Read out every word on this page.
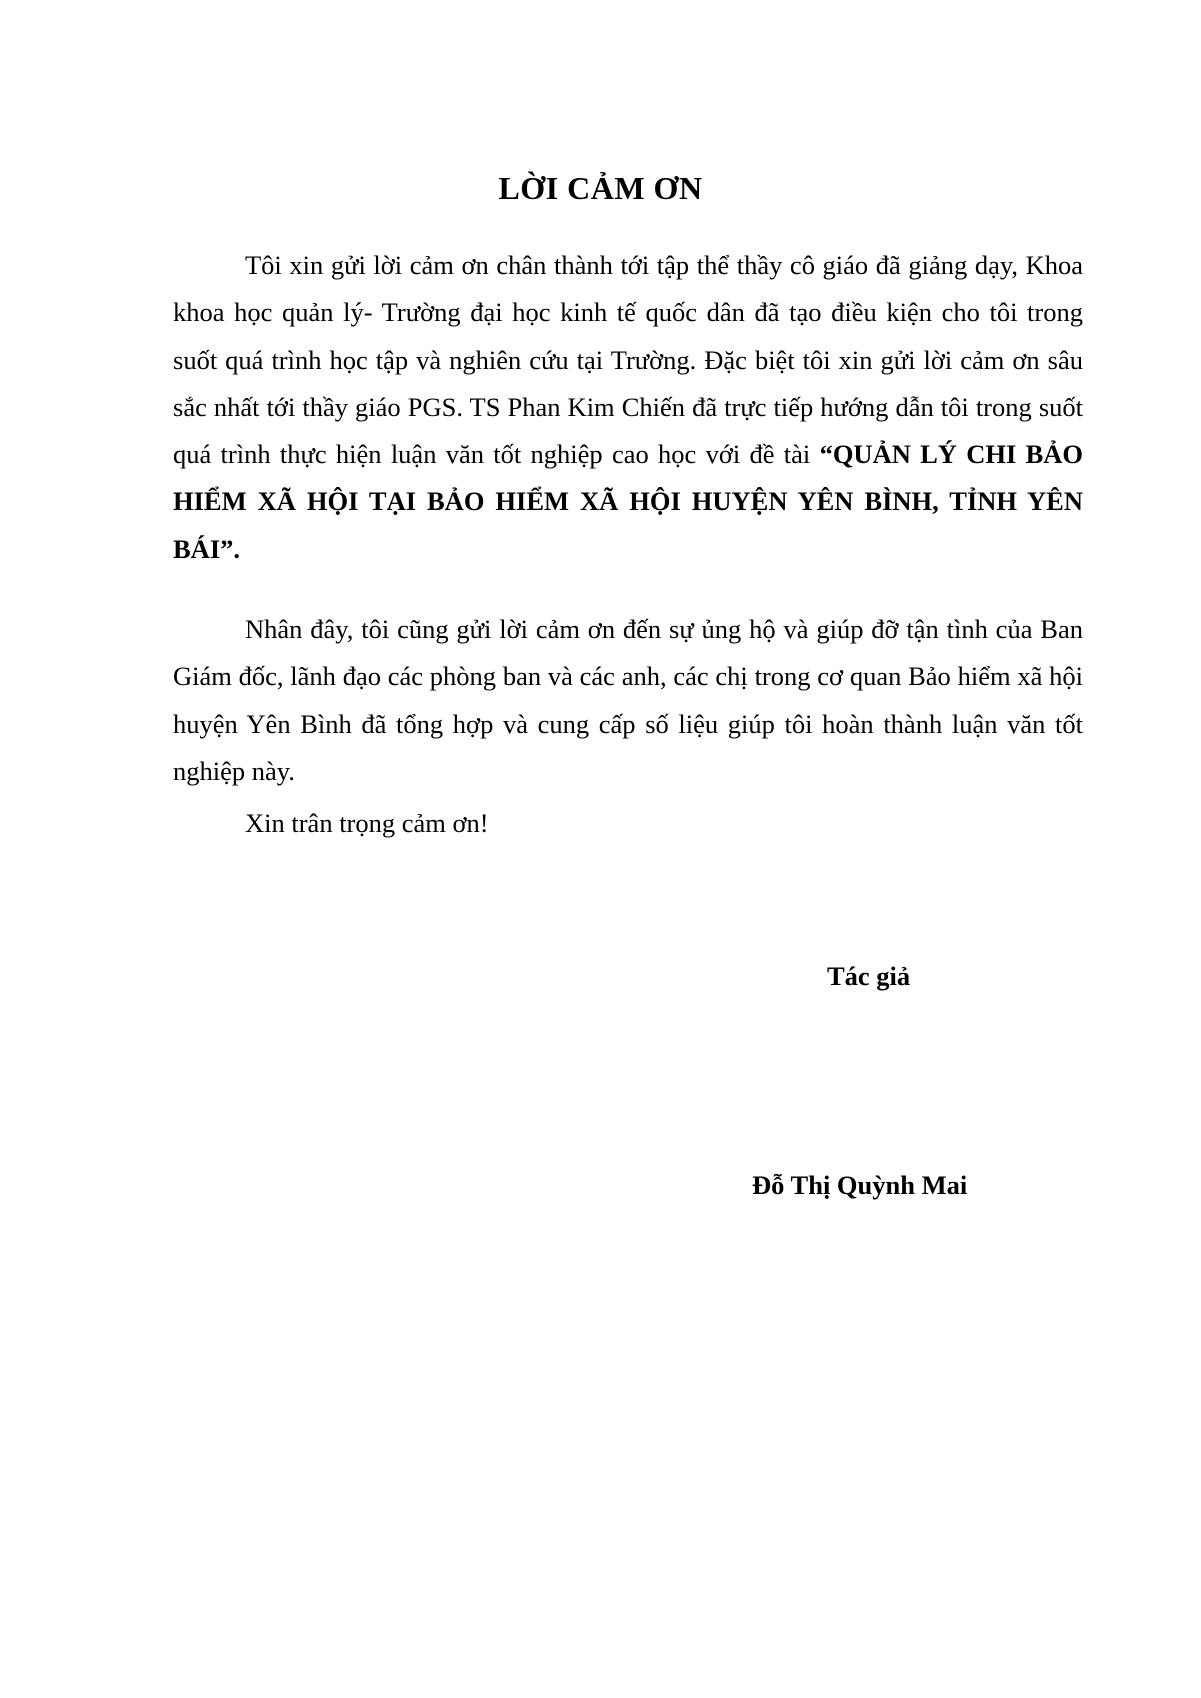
LỜI CẢM ƠN

Tôi xin gửi lời cảm ơn chân thành tới tập thể thầy cô giáo đã giảng dạy, Khoa khoa học quản lý- Trường đại học kinh tế quốc dân đã tạo điều kiện cho tôi trong suốt quá trình học tập và nghiên cứu tại Trường. Đặc biệt tôi xin gửi lời cảm ơn sâu sắc nhất tới thầy giáo PGS. TS Phan Kim Chiến đã trực tiếp hướng dẫn tôi trong suốt quá trình thực hiện luận văn tốt nghiệp cao học với đề tài “QUẢN LÝ CHI BẢO HIỂM XÃ HỘI TẠI BẢO HIỂM XÃ HỘI HUYỆN YÊN BÌNH, TỈNH YÊN BÁI”.

Nhân đây, tôi cũng gửi lời cảm ơn đến sự ủng hộ và giúp đỡ tận tình của Ban Giám đốc, lãnh đạo các phòng ban và các anh, các chị trong cơ quan Bảo hiểm xã hội huyện Yên Bình đã tổng hợp và cung cấp số liệu giúp tôi hoàn thành luận văn tốt nghiệp này.

Xin trân trọng cảm ơn!

Tác giả
Đỗ Thị Quỳnh Mai
